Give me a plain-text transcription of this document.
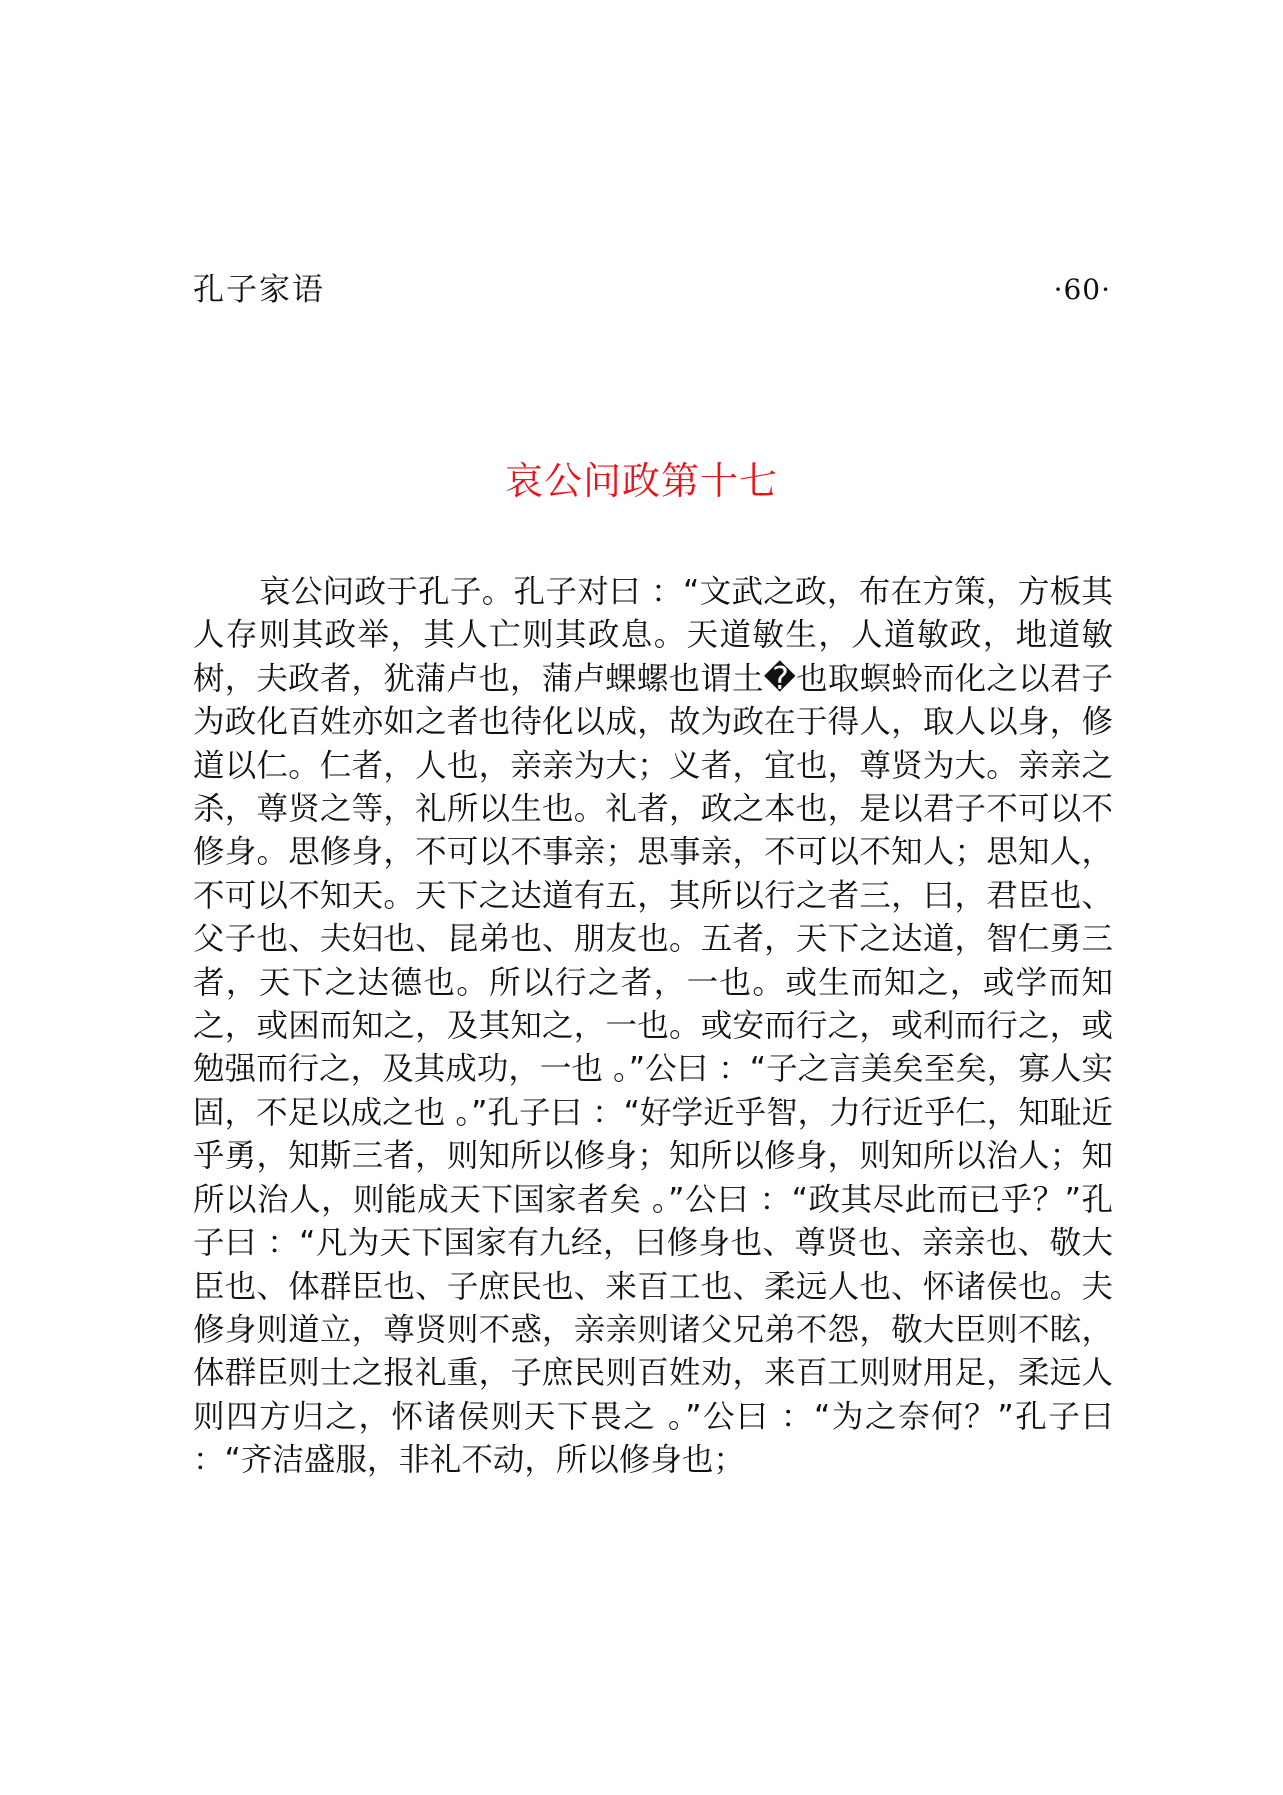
孔子家语	·60·
哀公问政第十七

哀公问政于孔子。孔子对曰 ：“文武之政，布在方策，方板其人存则其政举，其人亡则其政息。天道敏生，人道敏政，地道敏树，夫政者，犹蒲卢也，蒲卢蜾螺也谓土�也取螟蛉而化之以君子为政化百姓亦如之者也待化以成，故为政在于得人，取人以身，修道以仁。仁者，人也，亲亲为大；义者，宜也，尊贤为大。亲亲之杀，尊贤之等，礼所以生也。礼者，政之本也，是以君子不可以不修身。思修身，不可以不事亲；思事亲，不可以不知人；思知人，不可以不知天。天下之达道有五，其所以行之者三，曰，君臣也、父子也、夫妇也、昆弟也、朋友也。五者，天下之达道，智仁勇三者，天下之达德也。所以行之者，一也。或生而知之，或学而知之，或困而知之，及其知之，一也。或安而行之，或利而行之，或勉强而行之，及其成功，一也 。”公曰 ：“子之言美矣至矣，寡人实固，不足以成之也 。”孔子曰 ：“好学近乎智，力行近乎仁，知耻近乎勇，知斯三者，则知所以修身；知所以修身，则知所以治人；知所以治人，则能成天下国家者矣 。”公曰 ：“政其尽此而已乎？”孔子曰 ：“凡为天下国家有九经，曰修身也、尊贤也、亲亲也、敬大臣也、体群臣也、子庶民也、来百工也、柔远人也、怀诸侯也。夫修身则道立，尊贤则不惑，亲亲则诸父兄弟不怨，敬大臣则不眩，体群臣则士之报礼重，子庶民则百姓劝，来百工则财用足，柔远人则四方归之，怀诸侯则天下畏之 。”公曰 ：“为之奈何？”孔子曰 ：“齐洁盛服，非礼不动，所以修身也；
